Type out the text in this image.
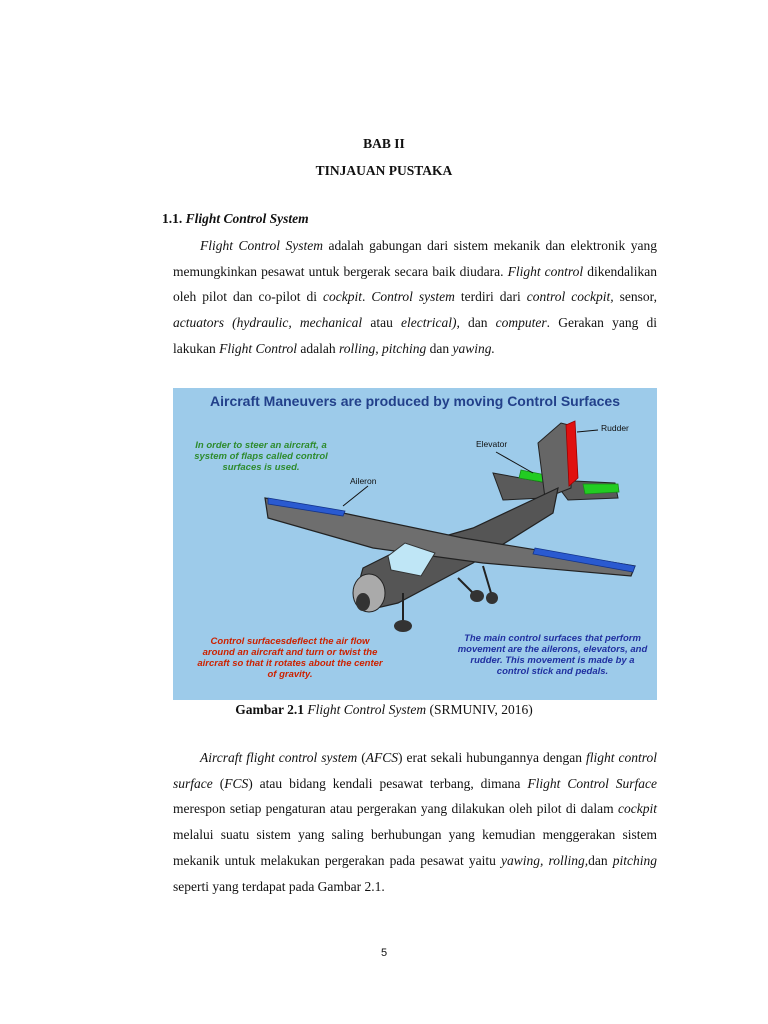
BAB II
TINJAUAN PUSTAKA
1.1. Flight Control System

Flight Control System adalah gabungan dari sistem mekanik dan elektronik yang memungkinkan pesawat untuk bergerak secara baik diudara. Flight control dikendalikan oleh pilot dan co-pilot di cockpit. Control system terdiri dari control cockpit, sensor, actuators (hydraulic, mechanical atau electrical), dan computer. Gerakan yang di lakukan Flight Control adalah rolling, pitching dan yawing.

Aircraft Maneuvers are produced by moving Control Surfaces
Rudder
Elevator
Aileron
In order to steer an aircraft, a system of flaps called control surfaces is used.
Control surfacesdeflect the air flow around an aircraft and turn or twist the aircraft so that it rotates about the center of gravity.
The main control surfaces that perform movement are the ailerons, elevators, and rudder. This movement is made by a control stick and pedals.
Gambar 2.1 Flight Control System (SRMUNIV, 2016)

Aircraft flight control system (AFCS) erat sekali hubungannya dengan flight control surface (FCS) atau bidang kendali pesawat terbang, dimana Flight Control Surface merespon setiap pengaturan atau pergerakan yang dilakukan oleh pilot di dalam cockpit melalui suatu sistem yang saling berhubungan yang kemudian menggerakan sistem mekanik untuk melakukan pergerakan pada pesawat yaitu yawing, rolling,dan pitching seperti yang terdapat pada Gambar 2.1.

5
